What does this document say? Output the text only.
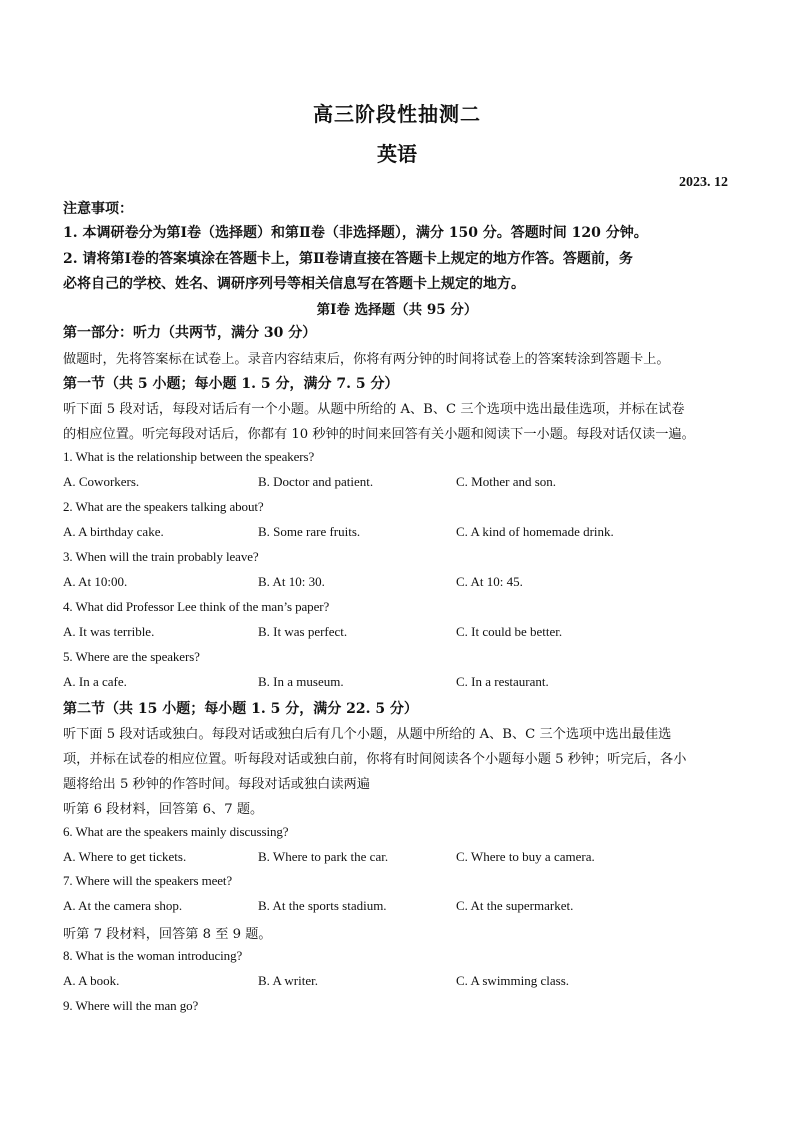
高三阶段性抽测二
英语
2023. 12
注意事项：
1. 本调研卷分为第Ⅰ卷（选择题）和第Ⅱ卷（非选择题），满分 150 分。答题时间 120 分钟。
2. 请将第Ⅰ卷的答案填涂在答题卡上，第Ⅱ卷请直接在答题卡上规定的地方作答。答题前，务
必将自己的学校、姓名、调研序列号等相关信息写在答题卡上规定的地方。
第Ⅰ卷 选择题（共 95 分）
第一部分：听力（共两节，满分 30 分）
做题时，先将答案标在试卷上。录音内容结束后，你将有两分钟的时间将试卷上的答案转涂到答题卡上。
第一节（共 5 小题；每小题 1. 5 分，满分 7. 5 分）
听下面 5 段对话，每段对话后有一个小题。从题中所给的 A、B、C 三个选项中选出最佳选项，并标在试卷
的相应位置。听完每段对话后，你都有 10 秒钟的时间来回答有关小题和阅读下一小题。每段对话仅读一遍。
1. What is the relationship between the speakers?
A. Coworkers.	B. Doctor and patient.	C. Mother and son.
2. What are the speakers talking about?
A. A birthday cake.	B. Some rare fruits.	C. A kind of homemade drink.
3. When will the train probably leave?
A. At 10:00.	B. At 10: 30.	C. At 10: 45.
4. What did Professor Lee think of the man’s paper?
A. It was terrible.	B. It was perfect.	C. It could be better.
5. Where are the speakers?
A. In a cafe.	B. In a museum.	C. In a restaurant.
第二节（共 15 小题；每小题 1. 5 分，满分 22. 5 分）
听下面 5 段对话或独白。每段对话或独白后有几个小题，从题中所给的 A、B、C 三个选项中选出最佳选
项，并标在试卷的相应位置。听每段对话或独白前，你将有时间阅读各个小题每小题 5 秒钟；听完后，各小
题将给出 5 秒钟的作答时间。每段对话或独白读两遍
听第 6 段材料，回答第 6、7 题。
6. What are the speakers mainly discussing?
A. Where to get tickets.	B. Where to park the car.	C. Where to buy a camera.
7. Where will the speakers meet?
A. At the camera shop.	B. At the sports stadium.	C. At the supermarket.
听第 7 段材料，回答第 8 至 9 题。
8. What is the woman introducing?
A. A book.	B. A writer.	C. A swimming class.
9. Where will the man go?
